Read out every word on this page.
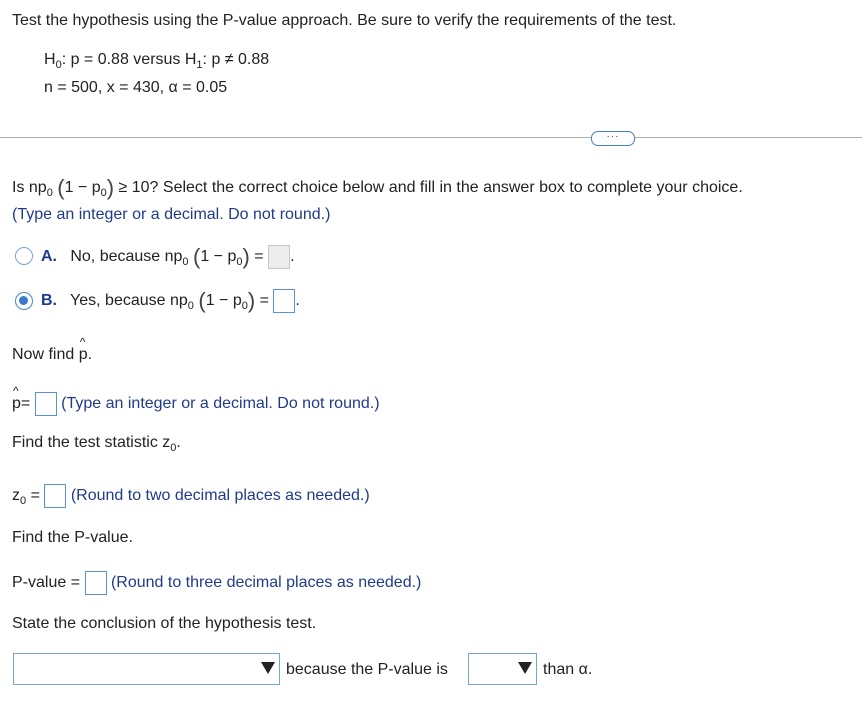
Test the hypothesis using the P-value approach. Be sure to verify the requirements of the test.
$H_0$: p = 0.88 versus $H_1$: p ≠ 0.88
n = 500, x = 430, α = 0.05
···
Is $np_0$ $(1 - p_0) \ge 10$? Select the correct choice below and fill in the answer box to complete your choice.
(Type an integer or a decimal. Do not round.)
A. No, because $np_0$ $(1 - p_0)$ = .
B. Yes, because $np_0$ $(1 - p_0)$ = .
Now find ^ p.
^ p= (Type an integer or a decimal. Do not round.)
Find the test statistic $z_0$.
$z_0$ = (Round to two decimal places as needed.)
Find the P-value.
P-value = (Round to three decimal places as needed.)
State the conclusion of the hypothesis test.
because the P-value is	than α.
